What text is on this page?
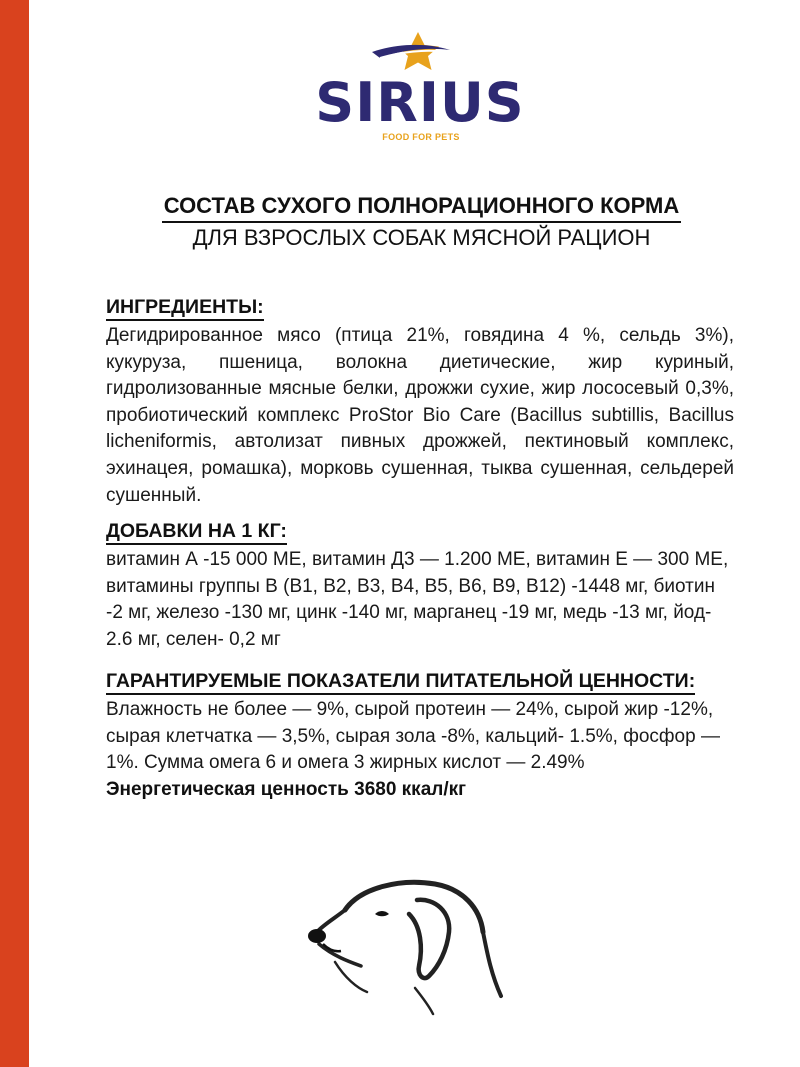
SIRIUS
FOOD FOR PETS
СОСТАВ СУХОГО ПОЛНОРАЦИОННОГО КОРМА
ДЛЯ ВЗРОСЛЫХ СОБАК МЯСНОЙ РАЦИОН
ИНГРЕДИЕНТЫ:

Дегидрированное мясо (птица 21%, говядина 4 %, сельдь 3%), кукуруза, пшеница, волокна диетические, жир куриный, гидролизованные мясные белки, дрожжи сухие, жир лососевый 0,3%, пробиотический комплекс ProStor Bio Care (Bacillus subtillis, Bacillus licheniformis, автолизат пивных дрожжей, пектиновый комплекс, эхинацея, ромашка), морковь сушенная, тыква сушенная, сельдерей сушенный.

ДОБАВКИ НА 1 КГ:

витамин А -15 000 МЕ, витамин Д3 — 1.200 МЕ, витамин Е — 300 МЕ, витамины группы В (В1, В2, В3, В4, В5, В6, В9, В12) -1448 мг, биотин -2 мг, железо -130 мг, цинк -140 мг, марганец -19 мг, медь -13 мг, йод- 2.6 мг, селен- 0,2 мг

ГАРАНТИРУЕМЫЕ ПОКАЗАТЕЛИ ПИТАТЕЛЬНОЙ ЦЕННОСТИ:

Влажность не более — 9%, сырой протеин — 24%, сырой жир -12%, сырая клетчатка — 3,5%, сырая зола -8%, кальций- 1.5%, фосфор — 1%. Сумма омега 6 и омега 3 жирных кислот — 2.49%

Энергетическая ценность 3680 ккал/кг
